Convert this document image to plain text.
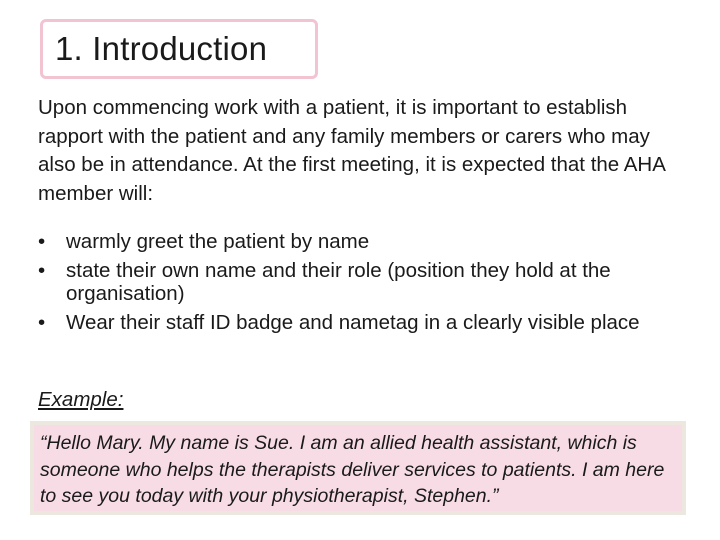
1. Introduction

Upon commencing work with a patient, it is important to establish rapport with the patient and any family members or carers who may also be in attendance. At the first meeting, it is expected that the AHA member will:

•	warmly greet the patient by name
•	state their own name and their role (position they hold at the organisation)
•	Wear their staff ID badge and nametag in a clearly visible place

Example:

“Hello Mary. My name is Sue. I am an allied health assistant, which is someone who helps the therapists deliver services to patients. I am here to see you today with your physiotherapist, Stephen.”
